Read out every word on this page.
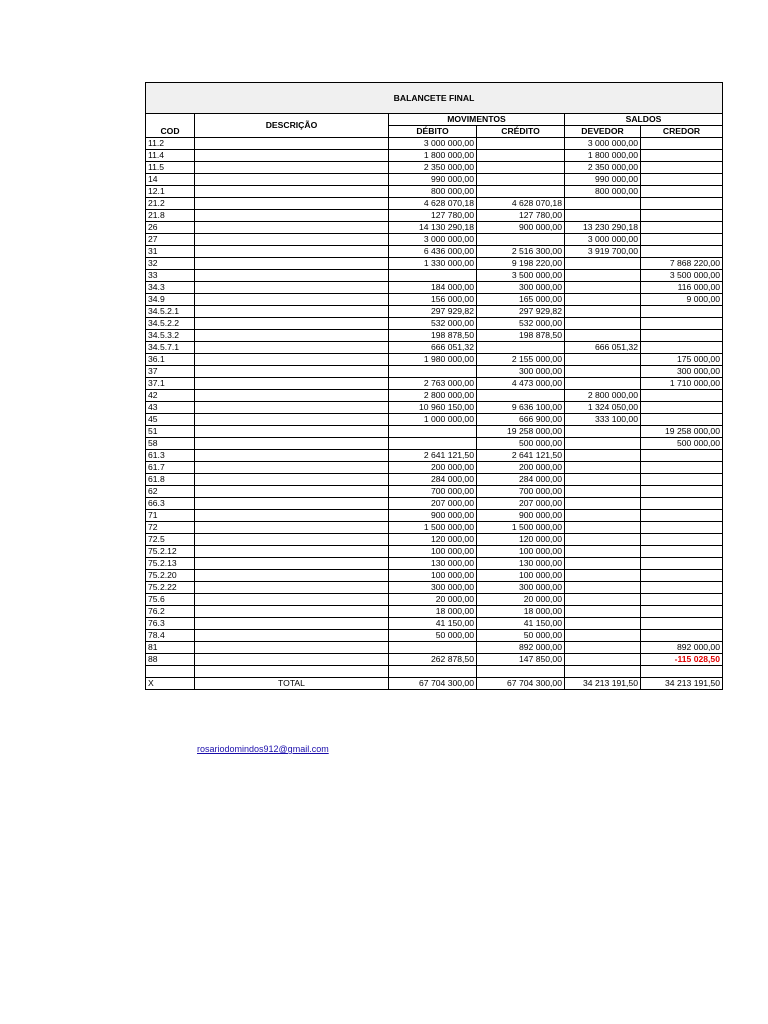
BALANCETE FINAL					
	DESCRIÇÃO	MOVIMENTOS		SALDOS	
COD		DÉBITO	CRÉDITO	DEVEDOR	CREDOR
11.2		3 000 000,00		3 000 000,00	
11.4		1 800 000,00		1 800 000,00	
11.5		2 350 000,00		2 350 000,00	
14		990 000,00		990 000,00	
12.1		800 000,00		800 000,00	
21.2		4 628 070,18	4 628 070,18		
21.8		127 780,00	127 780,00		
26		14 130 290,18	900 000,00	13 230 290,18	
27		3 000 000,00		3 000 000,00	
31		6 436 000,00	2 516 300,00	3 919 700,00	
32		1 330 000,00	9 198 220,00		7 868 220,00
33			3 500 000,00		3 500 000,00
34.3		184 000,00	300 000,00		116 000,00
34.9		156 000,00	165 000,00		9 000,00
34.5.2.1		297 929,82	297 929,82		
34.5.2.2		532 000,00	532 000,00		
34.5.3.2		198 878,50	198 878,50		
34.5.7.1		666 051,32		666 051,32	
36.1		1 980 000,00	2 155 000,00		175 000,00
37			300 000,00		300 000,00
37.1		2 763 000,00	4 473 000,00		1 710 000,00
42		2 800 000,00		2 800 000,00	
43		10 960 150,00	9 636 100,00	1 324 050,00	
45		1 000 000,00	666 900,00	333 100,00	
51			19 258 000,00		19 258 000,00
58			500 000,00		500 000,00
61.3		2 641 121,50	2 641 121,50		
61.7		200 000,00	200 000,00		
61.8		284 000,00	284 000,00		
62		700 000,00	700 000,00		
66.3		207 000,00	207 000,00		
71		900 000,00	900 000,00		
72		1 500 000,00	1 500 000,00		
72.5		120 000,00	120 000,00		
75.2.12		100 000,00	100 000,00		
75.2.13		130 000,00	130 000,00		
75.2.20		100 000,00	100 000,00		
75.2.22		300 000,00	300 000,00		
75.6		20 000,00	20 000,00		
76.2		18 000,00	18 000,00		
76.3		41 150,00	41 150,00		
78.4		50 000,00	50 000,00		
81			892 000,00		892 000,00
88		262 878,50	147 850,00		-115 028,50

X	TOTAL	67 704 300,00	67 704 300,00	34 213 191,50	34 213 191,50
rosariodomindos912@gmail.com
